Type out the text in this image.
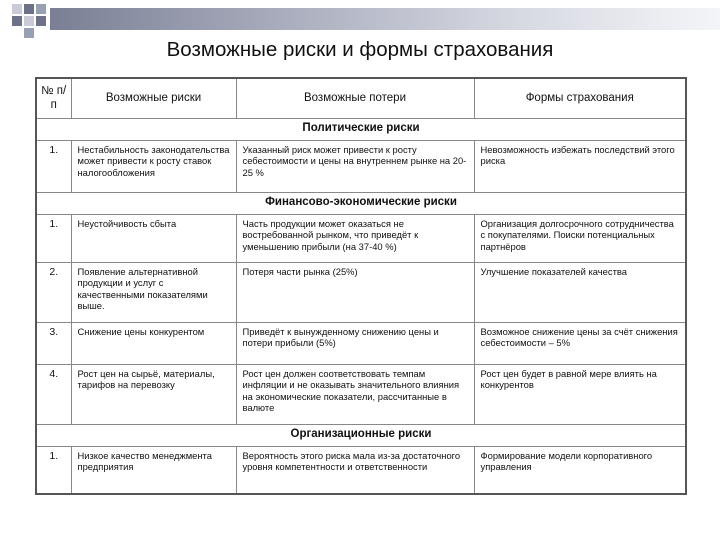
Возможные риски и формы страхования
№ п/п	Возможные риски	Возможные потери	Формы страхования
Политические риски			
1.	Нестабильность законодательства может привести к росту ставок налогообложения	Указанный риск может привести к росту себестоимости и цены на внутреннем рынке на 20-25 %	Невозможность избежать последствий этого риска
Финансово-экономические риски			
1.	Неустойчивость сбыта	Часть продукции может оказаться не востребованной рынком, что приведёт к уменьшению прибыли (на 37-40 %)	Организация долгосрочного сотрудничества с покупателями. Поиски потенциальных партнёров
2.	Появление альтернативной продукции и услуг с качественными показателями выше.	Потеря части рынка (25%)	Улучшение показателей качества
3.	Снижение цены конкурентом	Приведёт к вынужденному снижению цены и потери прибыли (5%)	Возможное снижение цены за счёт снижения себестоимости – 5%
4.	Рост цен на сырьё, материалы, тарифов на перевозку	Рост цен должен соответствовать темпам инфляции и не оказывать значительного влияния на экономические показатели, рассчитанные в валюте	Рост цен будет в равной мере влиять на конкурентов
Организационные риски			
1.	Низкое качество менеджмента предприятия	Вероятность этого риска мала из-за достаточного уровня компетентности и ответственности	Формирование модели корпоративного управления
